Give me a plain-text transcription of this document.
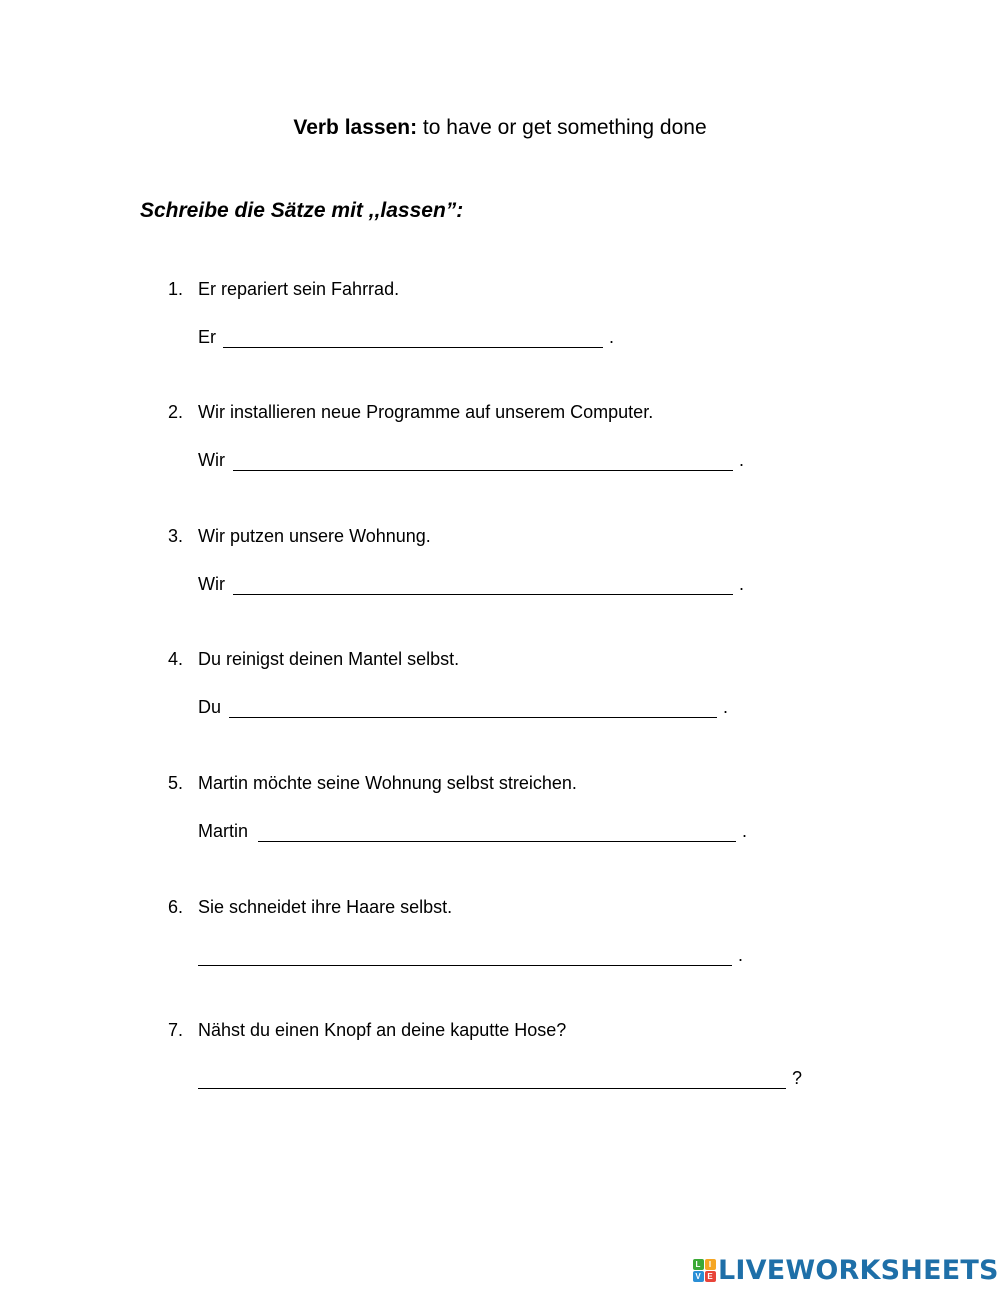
Verb lassen: to have or get something done
Schreibe die Sätze mit ,,lassen”:
1. Er repariert sein Fahrrad.
Er	.
2. Wir installieren neue Programme auf unserem Computer.
Wir	.
3. Wir putzen unsere Wohnung.
Wir	.
4. Du reinigst deinen Mantel selbst.
Du	.
5. Martin möchte seine Wohnung selbst streichen.
Martin	.
6. Sie schneidet ihre Haare selbst.
.
7. Nähst du einen Knopf an deine kaputte Hose?
?
L	I
V E LIVEWORKSHEETS
